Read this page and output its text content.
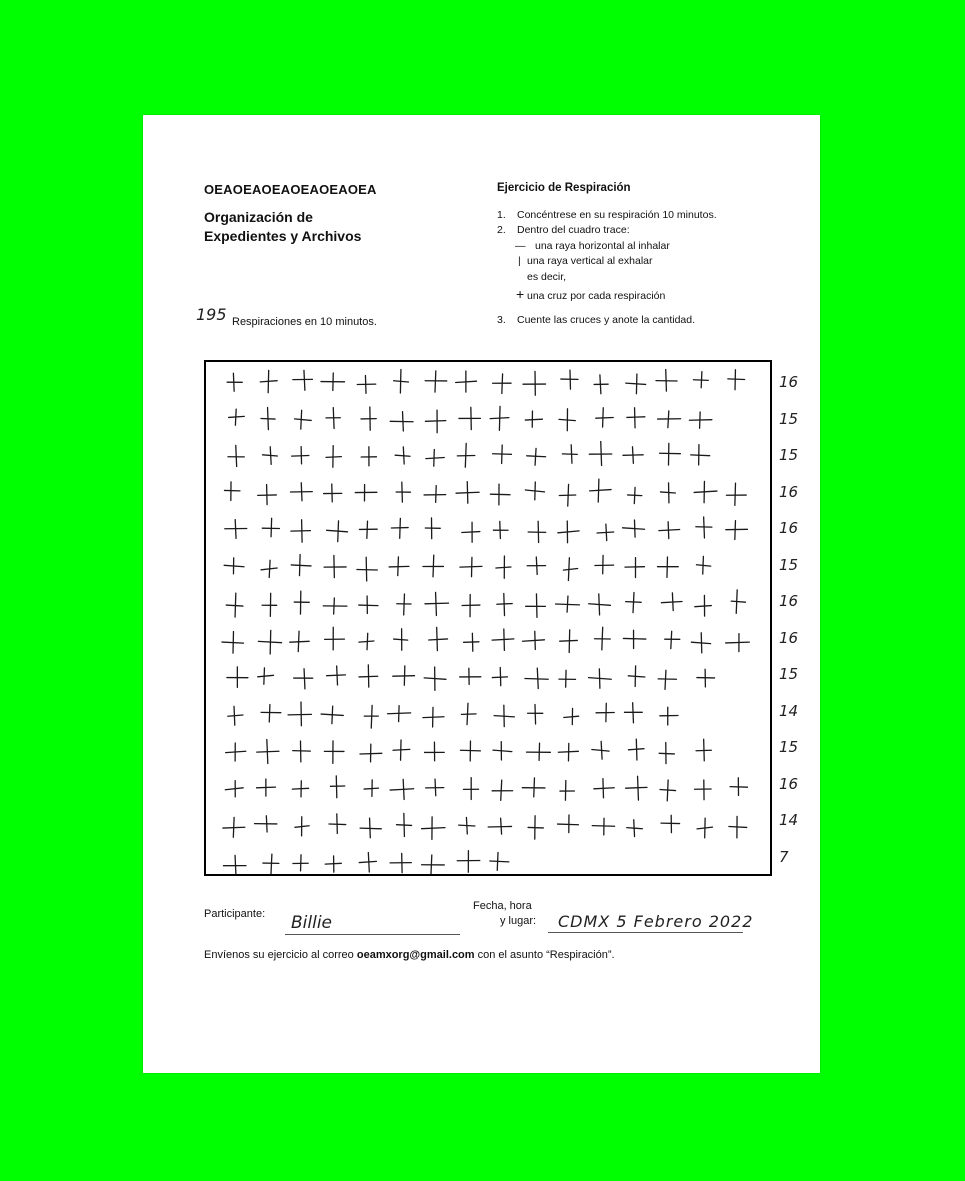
OEAOEAOEAOEAOEAOEA
Organización de Expedientes y Archivos
195 Respiraciones en 10 minutos.
Ejercicio de Respiración
1. Concéntrese en su respiración 10 minutos.
2. Dentro del cuadro trace:
— una raya horizontal al inhalar
| una raya vertical al exhalar
es decir,
+ una cruz por cada respiración
3. Cuente las cruces y anote la cantidad.
16
15
15
16
16
15
16
16
15
14
15
16
14
7
Participante: Billie
Fecha, hora
y lugar: CDMX 5 Febrero 2022
Envíenos su ejercicio al correo oeamxorg@gmail.com con el asunto “Respiración”.
